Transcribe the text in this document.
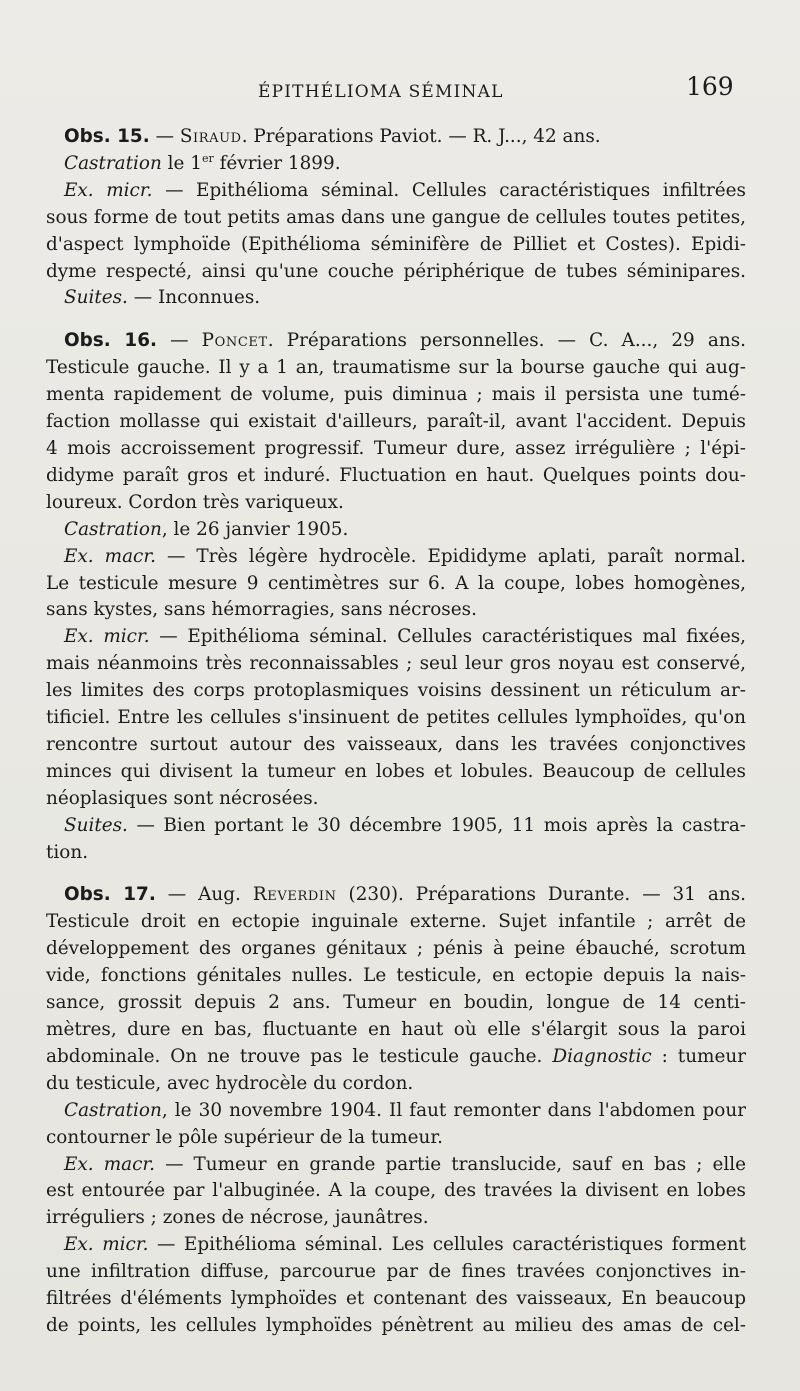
ÉPITHÉLIOMA SÉMINAL	169
Obs. 15. — Siraud. Préparations Paviot. — R. J..., 42 ans.
Castration le 1er février 1899.
Ex. micr. — Epithélioma séminal. Cellules caractéristiques infiltrées
sous forme de tout petits amas dans une gangue de cellules toutes petites,
d'aspect lymphoïde (Epithélioma séminifère de Pilliet et Costes). Epidi-
dyme respecté, ainsi qu'une couche périphérique de tubes séminipares.
Suites. — Inconnues.
Obs. 16. — Poncet. Préparations personnelles. — C. A..., 29 ans.
Testicule gauche. Il y a 1 an, traumatisme sur la bourse gauche qui aug-
menta rapidement de volume, puis diminua ; mais il persista une tumé-
faction mollasse qui existait d'ailleurs, paraît-il, avant l'accident. Depuis
4 mois accroissement progressif. Tumeur dure, assez irrégulière ; l'épi-
didyme paraît gros et induré. Fluctuation en haut. Quelques points dou-
loureux. Cordon très variqueux.
Castration, le 26 janvier 1905.
Ex. macr. — Très légère hydrocèle. Epididyme aplati, paraît normal.
Le testicule mesure 9 centimètres sur 6. A la coupe, lobes homogènes,
sans kystes, sans hémorragies, sans nécroses.
Ex. micr. — Epithélioma séminal. Cellules caractéristiques mal fixées,
mais néanmoins très reconnaissables ; seul leur gros noyau est conservé,
les limites des corps protoplasmiques voisins dessinent un réticulum ar-
tificiel. Entre les cellules s'insinuent de petites cellules lymphoïdes, qu'on
rencontre surtout autour des vaisseaux, dans les travées conjonctives
minces qui divisent la tumeur en lobes et lobules. Beaucoup de cellules
néoplasiques sont nécrosées.
Suites. — Bien portant le 30 décembre 1905, 11 mois après la castra-
tion.
Obs. 17. — Aug. Reverdin (230). Préparations Durante. — 31 ans.
Testicule droit en ectopie inguinale externe. Sujet infantile ; arrêt de
développement des organes génitaux ; pénis à peine ébauché, scrotum
vide, fonctions génitales nulles. Le testicule, en ectopie depuis la nais-
sance, grossit depuis 2 ans. Tumeur en boudin, longue de 14 centi-
mètres, dure en bas, fluctuante en haut où elle s'élargit sous la paroi
abdominale. On ne trouve pas le testicule gauche. Diagnostic : tumeur
du testicule, avec hydrocèle du cordon.
Castration, le 30 novembre 1904. Il faut remonter dans l'abdomen pour
contourner le pôle supérieur de la tumeur.
Ex. macr. — Tumeur en grande partie translucide, sauf en bas ; elle
est entourée par l'albuginée. A la coupe, des travées la divisent en lobes
irréguliers ; zones de nécrose, jaunâtres.
Ex. micr. — Epithélioma séminal. Les cellules caractéristiques forment
une infiltration diffuse, parcourue par de fines travées conjonctives in-
filtrées d'éléments lymphoïdes et contenant des vaisseaux, En beaucoup
de points, les cellules lymphoïdes pénètrent au milieu des amas de cel-
